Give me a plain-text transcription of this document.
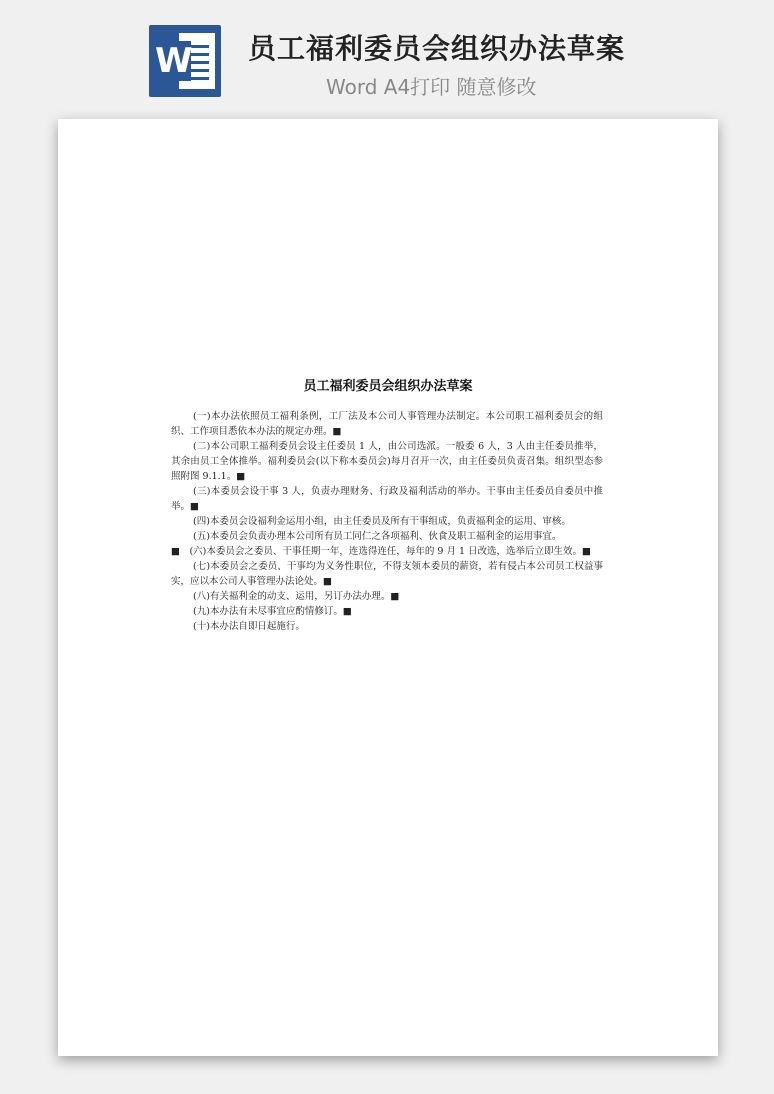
W 员工福利委员会组织办法草案
Word A4打印 随意修改
员工福利委员会组织办法草案

(一)本办法依照员工福利条例，工厂法及本公司人事管理办法制定。本公司职工福利委员会的组织、工作项目悉依本办法的规定办理。■

(二)本公司职工福利委员会设主任委员 1 人，由公司选派。一般委 6 人，3 人由主任委员推举，其余由员工全体推举。福利委员会(以下称本委员会)每月召开一次，由主任委员负责召集。组织型态参照附图 9.1.1。■

(三)本委员会设干事 3 人，负责办理财务、行政及福利活动的举办。干事由主任委员自委员中推举。■

(四)本委员会设福利金运用小组，由主任委员及所有干事组成，负责福利金的运用、审核。

(五)本委员会负责办理本公司所有员工同仁之各项福利、伙食及职工福利金的运用事宜。

■　(六)本委员会之委员、干事任期一年，连选得连任，每年的 9 月 1 日改选，选举后立即生效。■

(七)本委员会之委员、干事均为义务性职位，不得支领本委员的薪资，若有侵占本公司员工权益事实，应以本公司人事管理办法论处。■

(八)有关福利金的动支、运用，另订办法办理。■

(九)本办法有未尽事宜应酌情修订。■

(十)本办法自即日起施行。
